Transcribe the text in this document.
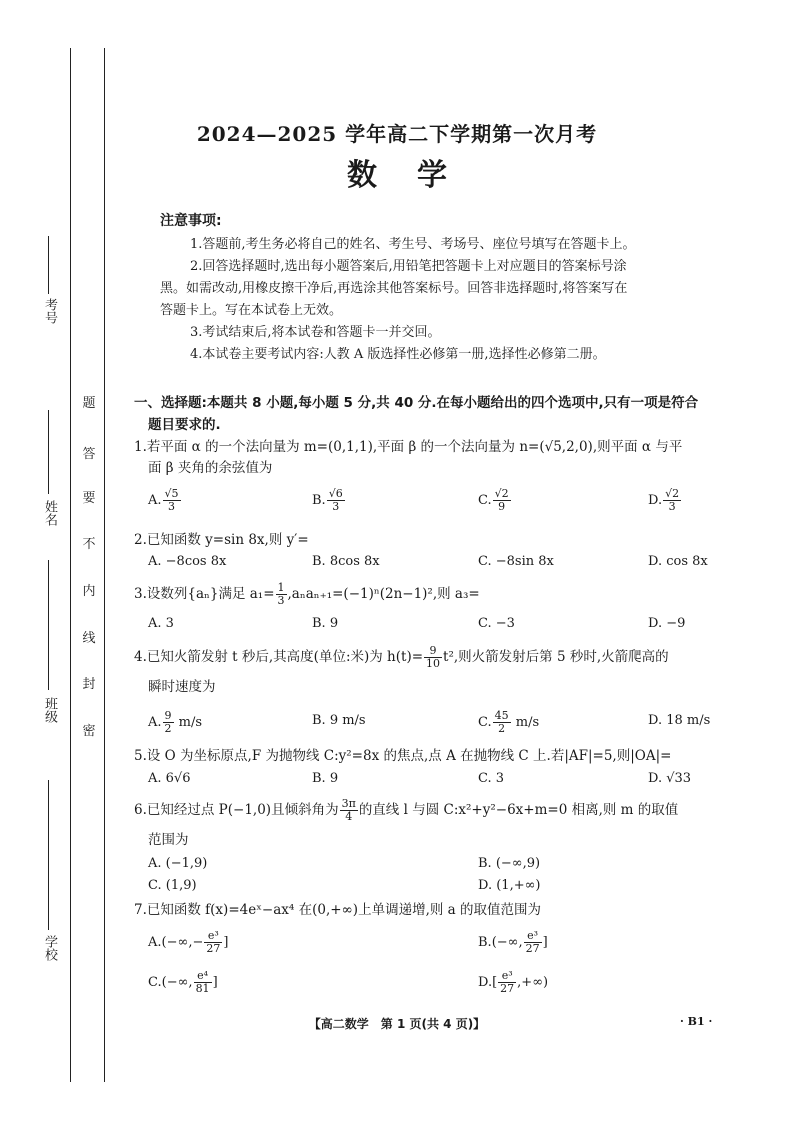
考号
姓名
班级
学校
题
答
要
不
内
线
封
密
2024—2025 学年高二下学期第一次月考
数学
注意事项:
1.答题前,考生务必将自己的姓名、考生号、考场号、座位号填写在答题卡上。
2.回答选择题时,选出每小题答案后,用铅笔把答题卡上对应题目的答案标号涂
黑。如需改动,用橡皮擦干净后,再选涂其他答案标号。回答非选择题时,将答案写在
答题卡上。写在本试卷上无效。
3.考试结束后,将本试卷和答题卡一并交回。
4.本试卷主要考试内容:人教 A 版选择性必修第一册,选择性必修第二册。
一、选择题:本题共 8 小题,每小题 5 分,共 40 分.在每小题给出的四个选项中,只有一项是符合
题目要求的.
1.若平面 α 的一个法向量为 m=(0,1,1),平面 β 的一个法向量为 n=(√5,2,0),则平面 α 与平
面 β 夹角的余弦值为
A. $\frac{√5}{3}$	B. $\frac{√6}{3}$	C. $\frac{√2}{9}$	D. $\frac{√2}{3}$
2.已知函数 y=sin 8x,则 y′=
A. −8cos 8x	B. 8cos 8x	C. −8sin 8x	D. cos 8x
3.设数列{aₙ}满足 $a_1= \frac{1}{3} ,a_na_{n+1}=(-1)^n(2n-1)^2$,则 a₃=
A. 3	B. 9	C. −3	D. −9
4.已知火箭发射 t 秒后,其高度(单位:米)为 $h(t)= \frac{9}{10} t^2$,则火箭发射后第 5 秒时,火箭爬高的
瞬时速度为
A. $\frac{9}{2} m/s$	B. 9 m/s	C. $\frac{45}{2} m/s$	D. 18 m/s
5.设 O 为坐标原点,F 为抛物线 C:y²=8x 的焦点,点 A 在抛物线 C 上.若|AF|=5,则|OA|=
A. 6√6	B. 9	C. 3	D. √33
6.已知经过点 P(−1,0)且倾斜角为 $\frac{3\pi}{4}$ 的直线 l 与圆 C:x²+y²−6x+m=0 相离,则 m 的取值
范围为
A. (−1,9)	B. (−∞,9)
C. (1,9)	D. (1,+∞)
7.已知函数 f(x)=4eˣ−ax⁴ 在(0,+∞)上单调递增,则 a 的取值范围为
$A.(-\infty,- \frac{\text{e³}}{27}$ ]	B.(−∞, $\frac{\text{e³}}{27}$ ]
C.(−∞, $\frac{\text{e⁴}}{81}$ ]	$D.[ \frac{\text{e³}}{27}$ ,+∞)
【高二数学　第 1 页(共 4 页)】	· B1 ·
